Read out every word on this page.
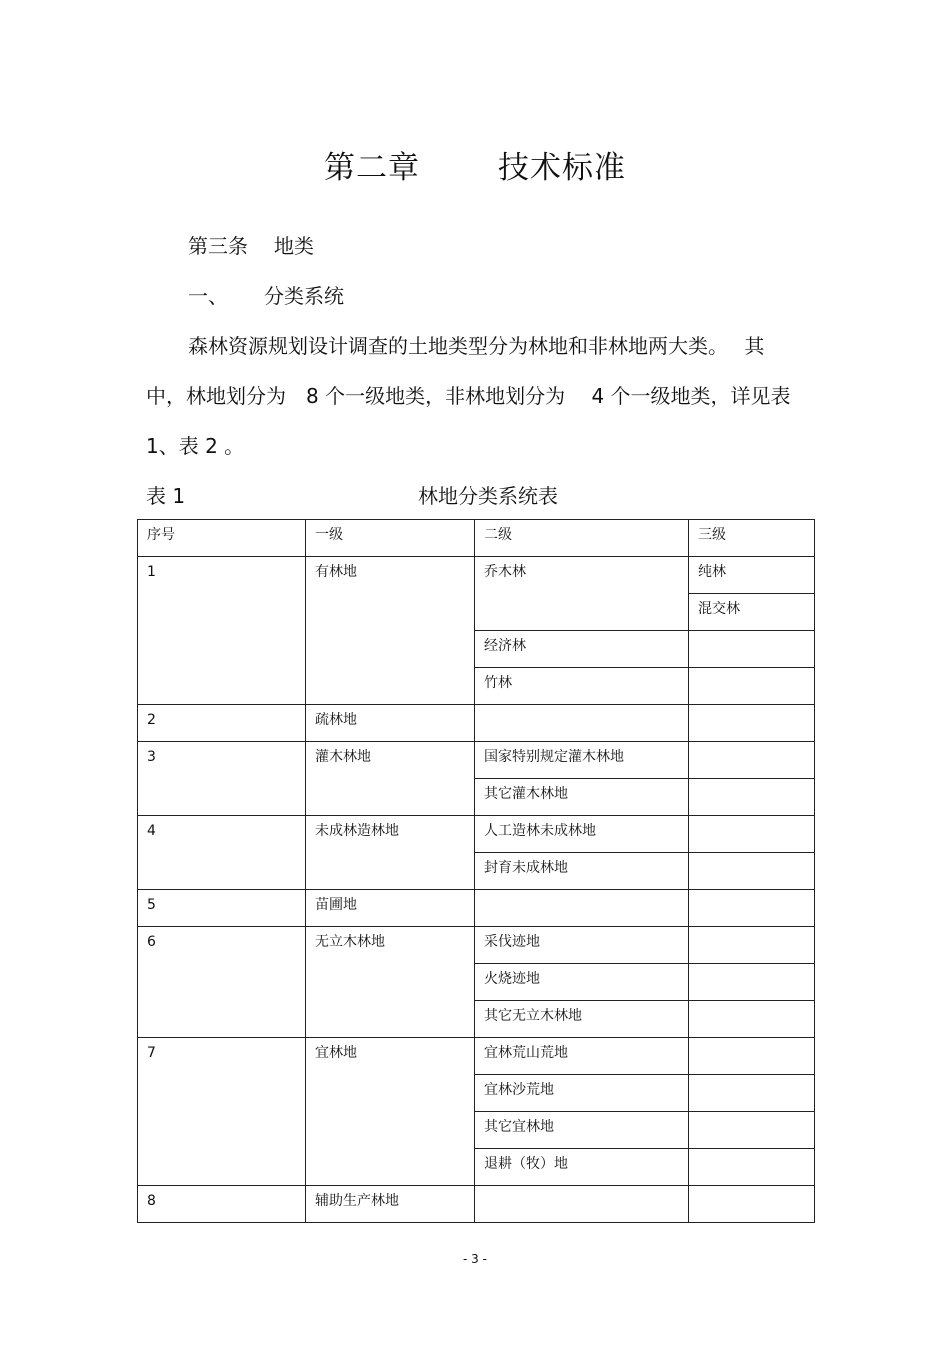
第二章	技术标准
第三条 地类
一、 分类系统
森林资源规划设计调查的土地类型分为林地和非林地两大类。　 其
中，林地划分为　8 个一级地类，非林地划分为　 4 个一级地类，详见表
1、表 2 。
表 1	林地分类系统表
序号	一级	二级	三级
1	有林地	乔木林	纯林
			混交林
		经济林	
		竹林	
2	疏林地		
3	灌木林地	国家特别规定灌木林地	
		其它灌木林地	
4	未成林造林地	人工造林未成林地	
		封育未成林地	
5	苗圃地		
6	无立木林地	采伐迹地	
		火烧迹地	
		其它无立木林地	
7	宜林地	宜林荒山荒地	
		宜林沙荒地	
		其它宜林地	
		退耕（牧）地	
8	辅助生产林地		
- 3 -
